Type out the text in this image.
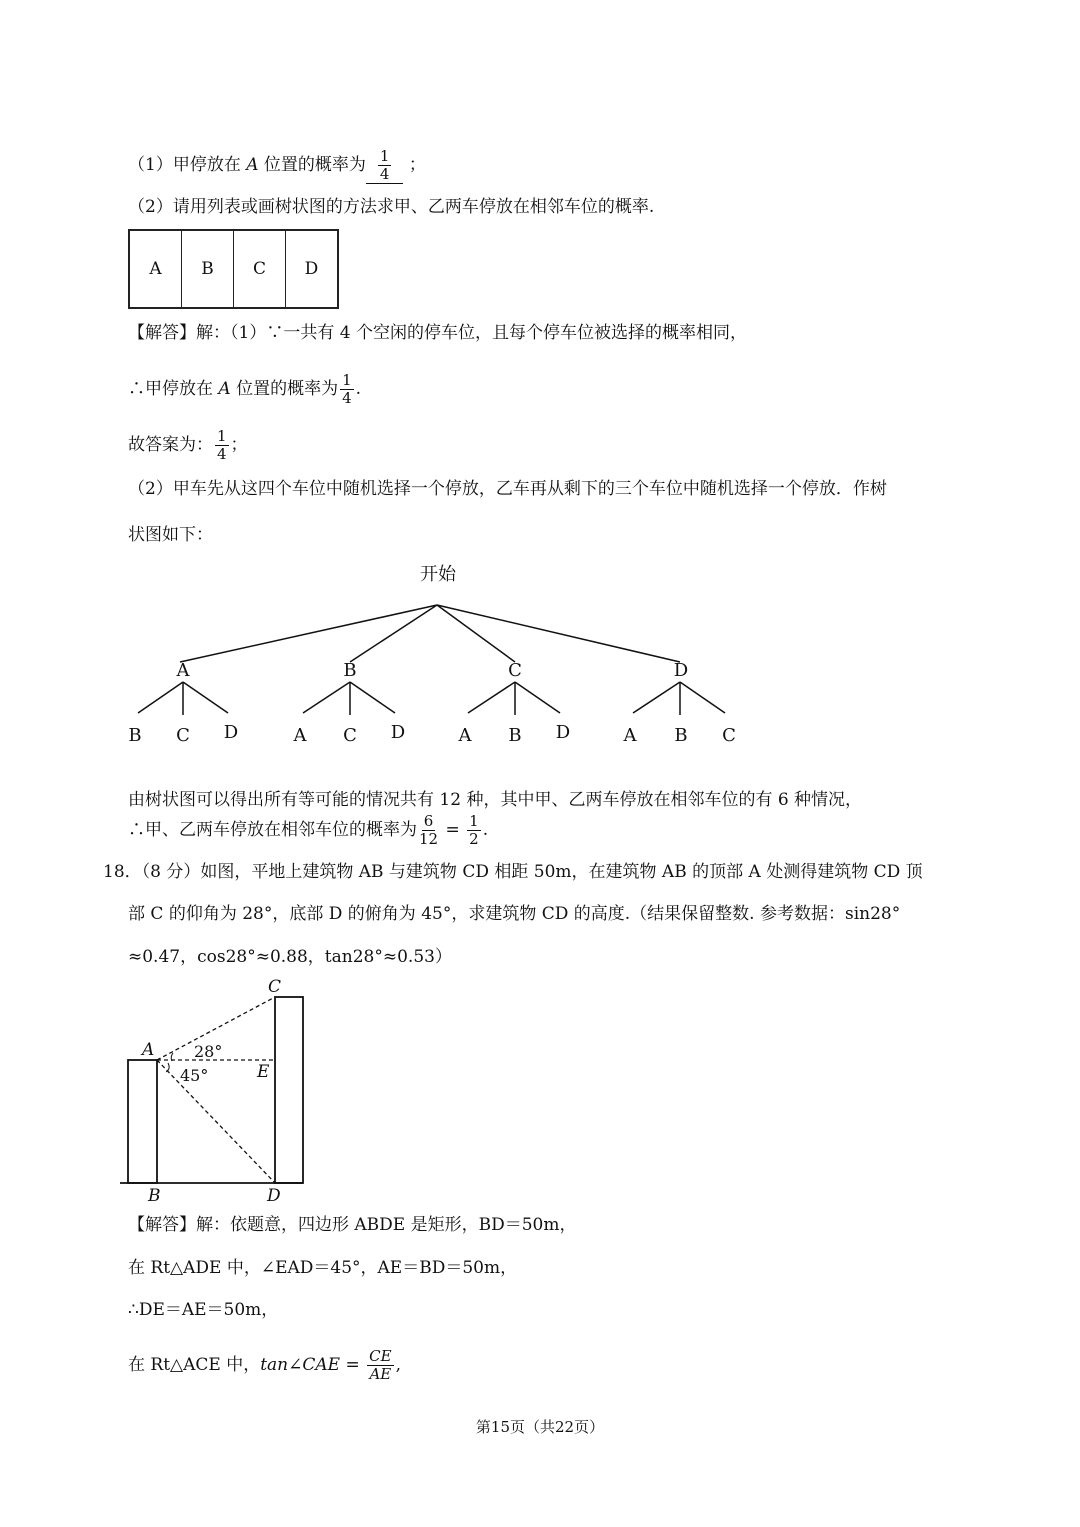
（1）甲停放在 A 位置的概率为 $\frac{1}{4}$ ；
（2）请用列表或画树状图的方法求甲、乙两车停放在相邻车位的概率.
A	B	C	D
【解答】解：（1）∵一共有 4 个空闲的停车位，且每个停车位被选择的概率相同，
∴甲停放在 A 位置的概率为 $\frac{1}{4}$ .
故答案为： $\frac{1}{4}$ ；
（2）甲车先从这四个车位中随机选择一个停放，乙车再从剩下的三个车位中随机选择一个停放．作树
状图如下：
开始
A	B	C	D
B C D	A C D	A B D	A B C
由树状图可以得出所有等可能的情况共有 12 种，其中甲、乙两车停放在相邻车位的有 6 种情况，
∴甲、乙两车停放在相邻车位的概率为 $\frac{6}{12} = \frac{1}{2}$ .
18．（8 分）如图，平地上建筑物 AB 与建筑物 CD 相距 50m，在建筑物 AB 的顶部 A 处测得建筑物 CD 顶
部 C 的仰角为 28°，底部 D 的俯角为 45°，求建筑物 CD 的高度.（结果保留整数. 参考数据：sin28°
≈0.47，cos28°≈0.88，tan28°≈0.53）
A
B
C
D
E
28°
45°
【解答】解：依题意，四边形 ABDE 是矩形，BD＝50m，
在 Rt△ADE 中，∠EAD＝45°，AE＝BD＝50m，
∴DE＝AE＝50m，
在 Rt△ACE 中，tan∠CAE = $\frac{CE}{AE}$ ,
第15页（共22页）
